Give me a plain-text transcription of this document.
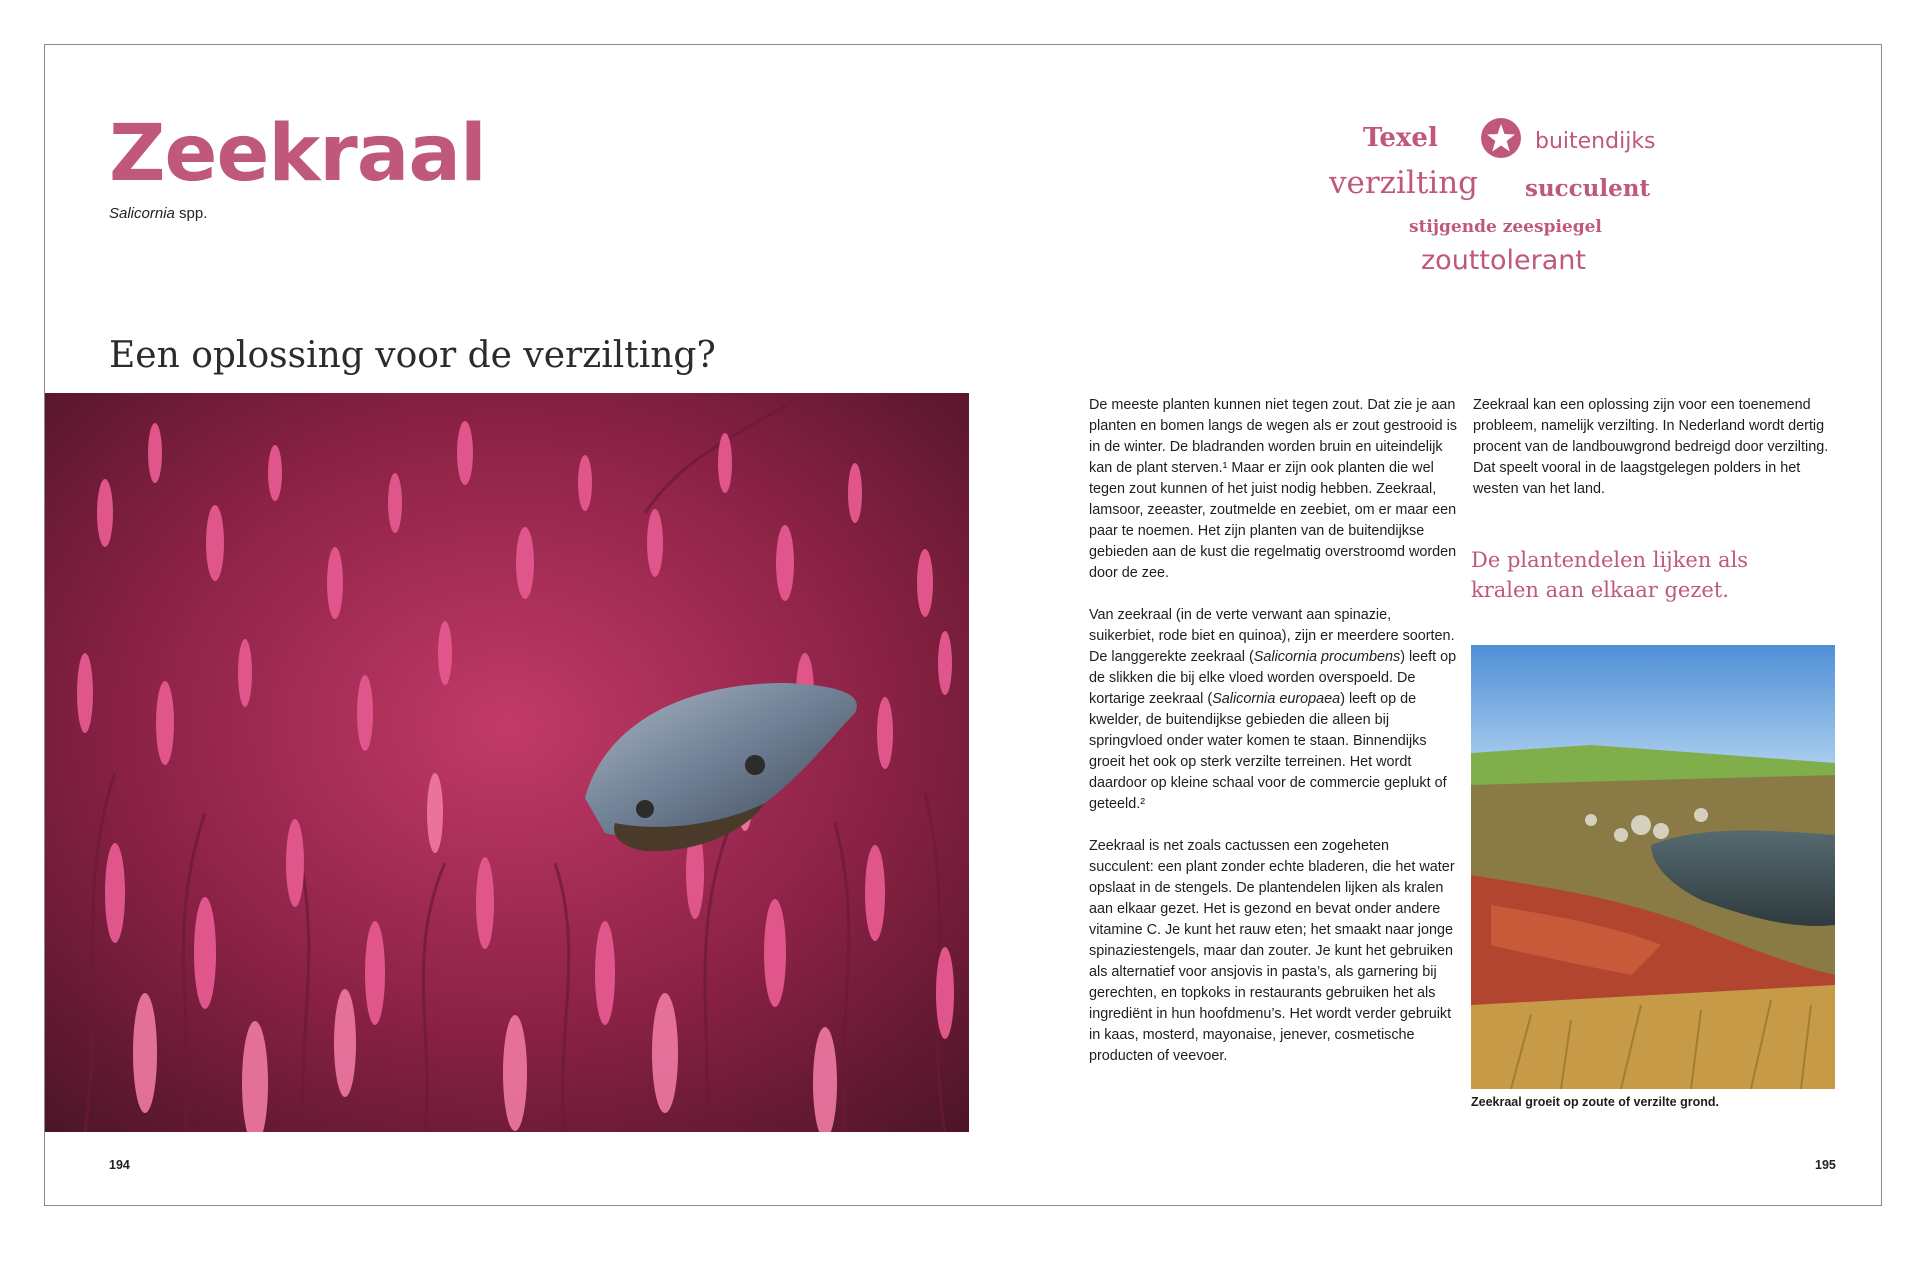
Zeekraal
Salicornia spp.
Een oplossing voor de verzilting?
Texel	buitendijks
verzilting succulent
stijgende zeespiegel
zouttolerant

De meeste planten kunnen niet tegen zout. Dat zie je aan planten en bomen langs de wegen als er zout gestrooid is in de winter. De bladranden worden bruin en uiteindelijk kan de plant sterven.¹ Maar er zijn ook planten die wel tegen zout kunnen of het juist nodig hebben. Zeekraal, lamsoor, zeeaster, zoutmelde en zeebiet, om er maar een paar te noemen. Het zijn planten van de buitendijkse gebieden aan de kust die regelmatig overstroomd worden door de zee.

Van zeekraal (in de verte verwant aan spinazie, suikerbiet, rode biet en quinoa), zijn er meerdere soorten. De langgerekte zeekraal (Salicornia procumbens) leeft op de slikken die bij elke vloed worden overspoeld. De kortarige zeekraal (Salicornia europaea) leeft op de kwelder, de buitendijkse gebieden die alleen bij springvloed onder water komen te staan. Binnendijks groeit het ook op sterk verzilte terreinen. Het wordt daardoor op kleine schaal voor de commercie geplukt of geteeld.²

Zeekraal is net zoals cactussen een zogeheten succulent: een plant zonder echte bladeren, die het water opslaat in de stengels. De plantendelen lijken als kralen aan elkaar gezet. Het is gezond en bevat onder andere vitamine C. Je kunt het rauw eten; het smaakt naar jonge spinaziestengels, maar dan zouter. Je kunt het gebruiken als alternatief voor ansjovis in pasta’s, als garnering bij gerechten, en topkoks in restaurants gebruiken het als ingrediënt in hun hoofdmenu’s. Het wordt verder gebruikt in kaas, mosterd, mayonaise, jenever, cosmetische producten of veevoer.

Zeekraal kan een oplossing zijn voor een toenemend probleem, namelijk verzilting. In Nederland wordt dertig procent van de landbouwgrond bedreigd door verzilting. Dat speelt vooral in de laagstgelegen polders in het westen van het land.

De plantendelen lijken als kralen aan elkaar gezet.

Zeekraal groeit op zoute of verzilte grond.
194	195
